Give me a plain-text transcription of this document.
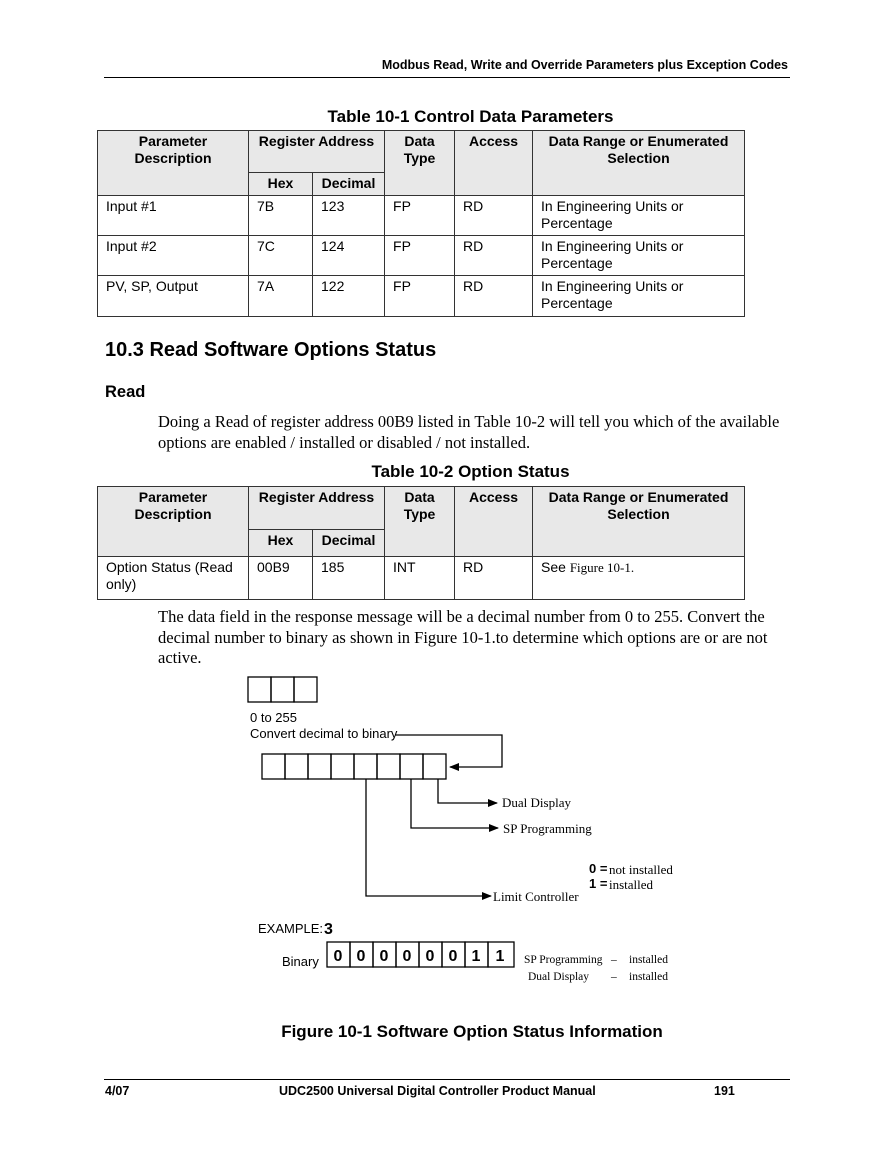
Modbus Read, Write and Override Parameters plus Exception Codes
Table 10-1 Control Data Parameters
Parameter Description	Register Address		Data Type	Access	Data Range or Enumerated Selection
	Hex	Decimal			
Input #1	7B	123	FP	RD	In Engineering Units or Percentage
Input #2	7C	124	FP	RD	In Engineering Units or Percentage
PV, SP, Output	7A	122	FP	RD	In Engineering Units or Percentage
10.3 Read Software Options Status
Read
Doing a Read of register address 00B9 listed in Table 10-2 will tell you which of the available options are enabled / installed or disabled / not installed.
Table 10-2 Option Status
Parameter Description	Register Address		Data Type	Access	Data Range or Enumerated Selection
	Hex	Decimal			
Option Status (Read only)	00B9	185	INT	RD	See Figure 10-1.
The data field in the response message will be a decimal number from 0 to 255. Convert the decimal number to binary as shown in Figure 10-1.to determine which options are or are not active.
0 to 255
Convert decimal to binary
Dual Display
SP Programming
Limit Controller
0 = not installed
1 = installed
EXAMPLE: 3
Binary 0 0 0 0 0 0 1 1 SP Programming – installed
Dual Display – installed
Figure 10-1 Software Option Status Information
4/07	UDC2500 Universal Digital Controller Product Manual	191
